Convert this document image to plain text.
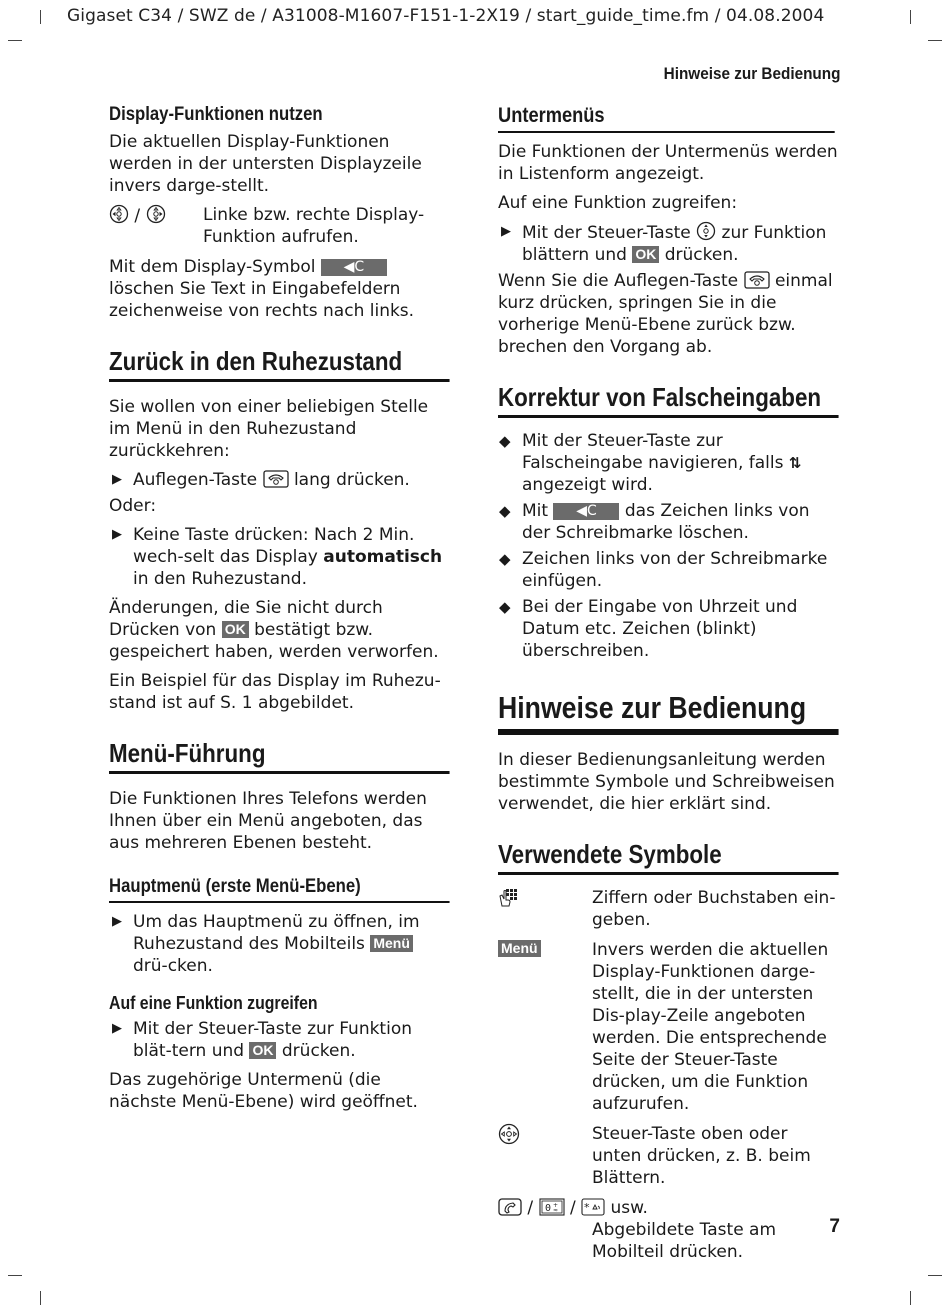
Gigaset C34 / SWZ de / A31008-M1607-F151-1-2X19 / start_guide_time.fm / 04.08.2004
Hinweise zur Bedienung
7
Display-Funktionen nutzen

Die aktuellen Display-Funktionen werden in der untersten Displayzeile invers darge-stellt.

/	Linke bzw. rechte Display-Funktion aufrufen.

Mit dem Display-Symbol ◀C löschen Sie Text in Eingabefeldern zeichenweise von rechts nach links.

Zurück in den Ruhezustand

Sie wollen von einer beliebigen Stelle im Menü in den Ruhezustand zurückkehren:

▶ Auflegen-Taste lang drücken.

Oder:

▶ Keine Taste drücken: Nach 2 Min. wech-selt das Display automatisch in den Ruhezustand.

Änderungen, die Sie nicht durch Drücken von OK bestätigt bzw. gespeichert haben, werden verworfen.

Ein Beispiel für das Display im Ruhezu-stand ist auf S. 1 abgebildet.

Menü-Führung

Die Funktionen Ihres Telefons werden Ihnen über ein Menü angeboten, das aus mehreren Ebenen besteht.

Hauptmenü (erste Menü-Ebene)
▶ Um das Hauptmenü zu öffnen, im Ruhezustand des Mobilteils Menü drü-cken.
Auf eine Funktion zugreifen
▶ Mit der Steuer-Taste zur Funktion blät-tern und OK drücken.

Das zugehörige Untermenü (die nächste Menü-Ebene) wird geöffnet.

Untermenüs

Die Funktionen der Untermenüs werden in Listenform angezeigt.

Auf eine Funktion zugreifen:

▶ Mit der Steuer-Taste zur Funktion blättern und OK drücken.

Wenn Sie die Auflegen-Taste einmal kurz drücken, springen Sie in die vorherige Menü-Ebene zurück bzw. brechen den Vorgang ab.

Korrektur von Falscheingaben
◆ Mit der Steuer-Taste zur Falscheingabe navigieren, falls ⇅ angezeigt wird.
◆ Mit ◀C das Zeichen links von der Schreibmarke löschen.
◆ Zeichen links von der Schreibmarke einfügen.
◆ Bei der Eingabe von Uhrzeit und Datum etc. Zeichen (blinkt) überschreiben.
Hinweise zur Bedienung

In dieser Bedienungsanleitung werden bestimmte Symbole und Schreibweisen verwendet, die hier erklärt sind.

Verwendete Symbole
Ziffern oder Buchstaben ein-geben.
Menü	Invers werden die aktuellen Display-Funktionen darge-stellt, die in der untersten Dis-play-Zeile angeboten werden. Die entsprechende Seite der Steuer-Taste drücken, um die Funktion aufzurufen.
Steuer-Taste oben oder unten drücken, z. B. beim Blättern.
/ 0 +
≈ / * usw.
Abgebildete Taste am Mobilteil drücken.
